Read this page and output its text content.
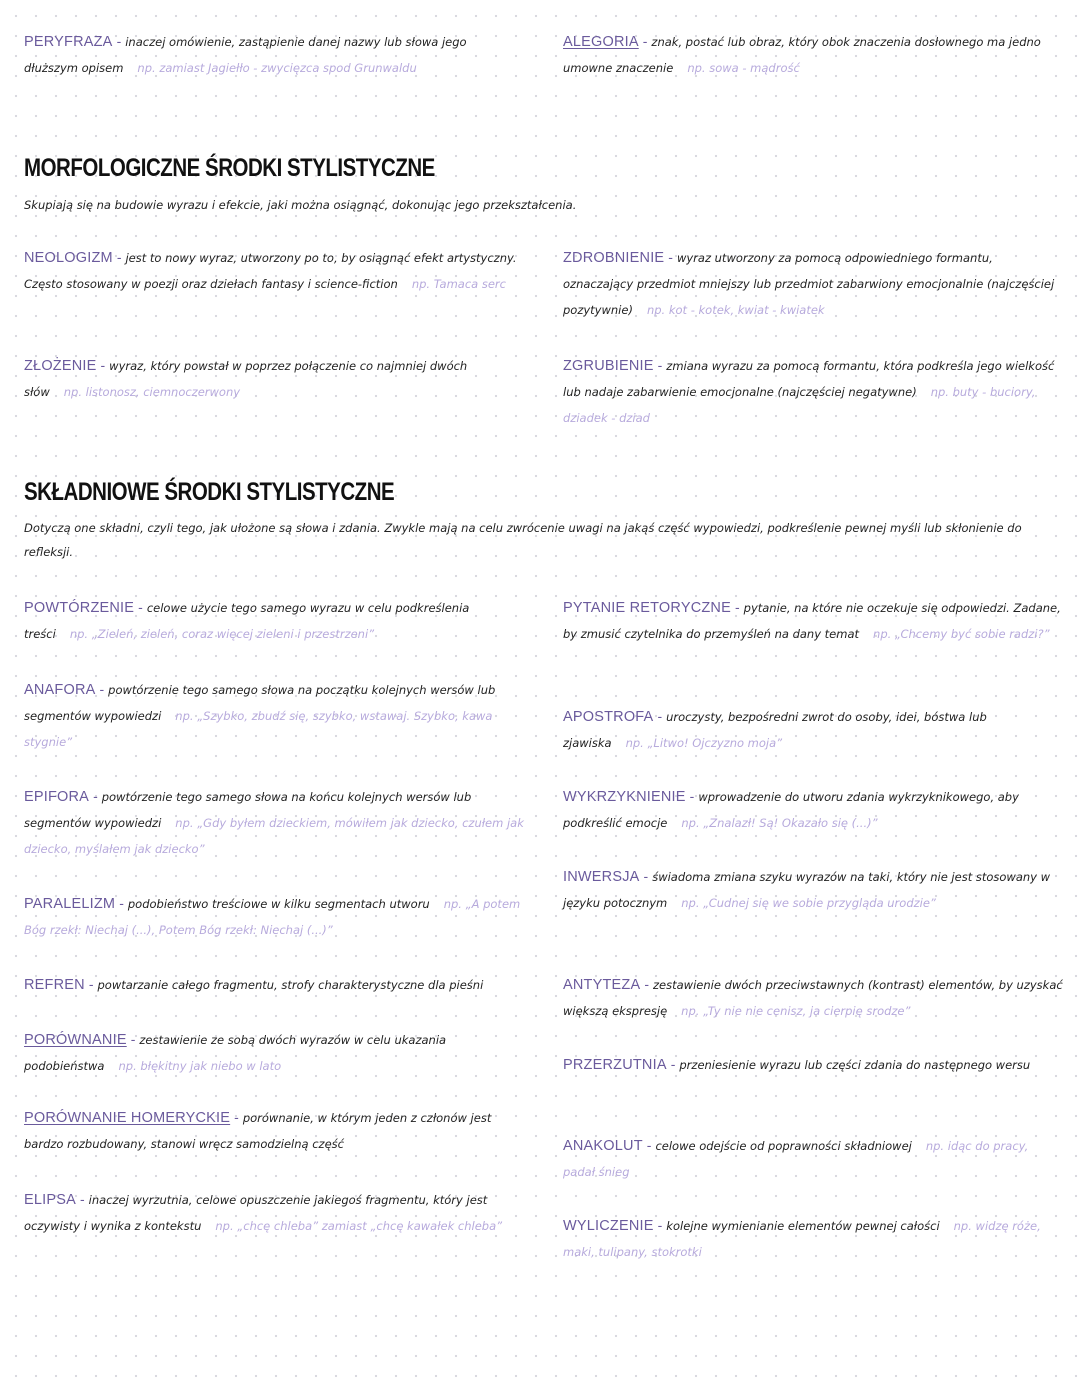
PERYFRAZA - inaczej omówienie, zastąpienie danej nazwy lub słowa jego dłuższym opisem np. zamiast Jagiełło - zwycięzca spod Grunwaldu
ALEGORIA - znak, postać lub obraz, który obok znaczenia dosłownego ma jedno umowne znaczenie np. sowa - mądrość
MORFOLOGICZNE ŚRODKI STYLISTYCZNE
Skupiają się na budowie wyrazu i efekcie, jaki można osiągnąć, dokonując jego przekształcenia.
NEOLOGIZM - jest to nowy wyraz, utworzony po to, by osiągnąć efekt artystyczny. Często stosowany w poezji oraz dziełach fantasy i science-fiction np. Tamaca serc
ZŁOŻENIE - wyraz, który powstał w poprzez połączenie co najmniej dwóch słów np. listonosz, ciemnoczerwony
ZDROBNIENIE - wyraz utworzony za pomocą odpowiedniego formantu, oznaczający przedmiot mniejszy lub przedmiot zabarwiony emocjonalnie (najczęściej pozytywnie) np. kot - kotek, kwiat - kwiatek
ZGRUBIENIE - zmiana wyrazu za pomocą formantu, która podkreśla jego wielkość lub nadaje zabarwienie emocjonalne (najczęściej negatywne) np. buty - buciory, dziadek - dziad
SKŁADNIOWE ŚRODKI STYLISTYCZNE
Dotyczą one składni, czyli tego, jak ułożone są słowa i zdania. Zwykle mają na celu zwrócenie uwagi na jakąś część wypowiedzi, podkreślenie pewnej myśli lub skłonienie do refleksji.
POWTÓRZENIE - celowe użycie tego samego wyrazu w celu podkreślenia treści np. „Zieleń, zieleń, coraz więcej zieleni i przestrzeni”
ANAFORA - powtórzenie tego samego słowa na początku kolejnych wersów lub segmentów wypowiedzi np. „Szybko, zbudź się, szybko, wstawaj. Szybko, kawa stygnie”
EPIFORA - powtórzenie tego samego słowa na końcu kolejnych wersów lub segmentów wypowiedzi np. „Gdy byłem dzieckiem, mówiłem jak dziecko, czułem jak dziecko, myślałem jak dziecko”
PARALELIZM - podobieństwo treściowe w kilku segmentach utworu np. „A potem Bóg rzekł: Niechaj (...), Potem Bóg rzekł: Niechaj (...)”
REFREN - powtarzanie całego fragmentu, strofy charakterystyczne dla pieśni
PORÓWNANIE - zestawienie ze sobą dwóch wyrazów w celu ukazania podobieństwa np. błękitny jak niebo w lato
PORÓWNANIE HOMERYCKIE - porównanie, w którym jeden z członów jest bardzo rozbudowany, stanowi wręcz samodzielną część
ELIPSA - inaczej wyrzutnia, celowe opuszczenie jakiegoś fragmentu, który jest oczywisty i wynika z kontekstu np. „chcę chleba” zamiast „chcę kawałek chleba”
PYTANIE RETORYCZNE - pytanie, na które nie oczekuje się odpowiedzi. Zadane, by zmusić czytelnika do przemyśleń na dany temat np. „Chcemy być sobie radzi?”
APOSTROFA - uroczysty, bezpośredni zwrot do osoby, idei, bóstwa lub zjawiska np. „Litwo! Ojczyzno moja”
WYKRZYKNIENIE - wprowadzenie do utworu zdania wykrzyknikowego, aby podkreślić emocje np. „Znalazł! Są! Okazało się (...)”
INWERSJA - świadoma zmiana szyku wyrazów na taki, który nie jest stosowany w języku potocznym np. „Cudnej się we sobie przygląda urodzie”
ANTYTEZA - zestawienie dwóch przeciwstawnych (kontrast) elementów, by uzyskać większą ekspresję np. „Ty nie nie cenisz, ja cierpię srodze”
PRZERZUTNIA - przeniesienie wyrazu lub części zdania do następnego wersu
ANAKOLUT - celowe odejście od poprawności składniowej np. idąc do pracy, padał śnieg
WYLICZENIE - kolejne wymienianie elementów pewnej całości np. widzę róże, maki, tulipany, stokrotki
